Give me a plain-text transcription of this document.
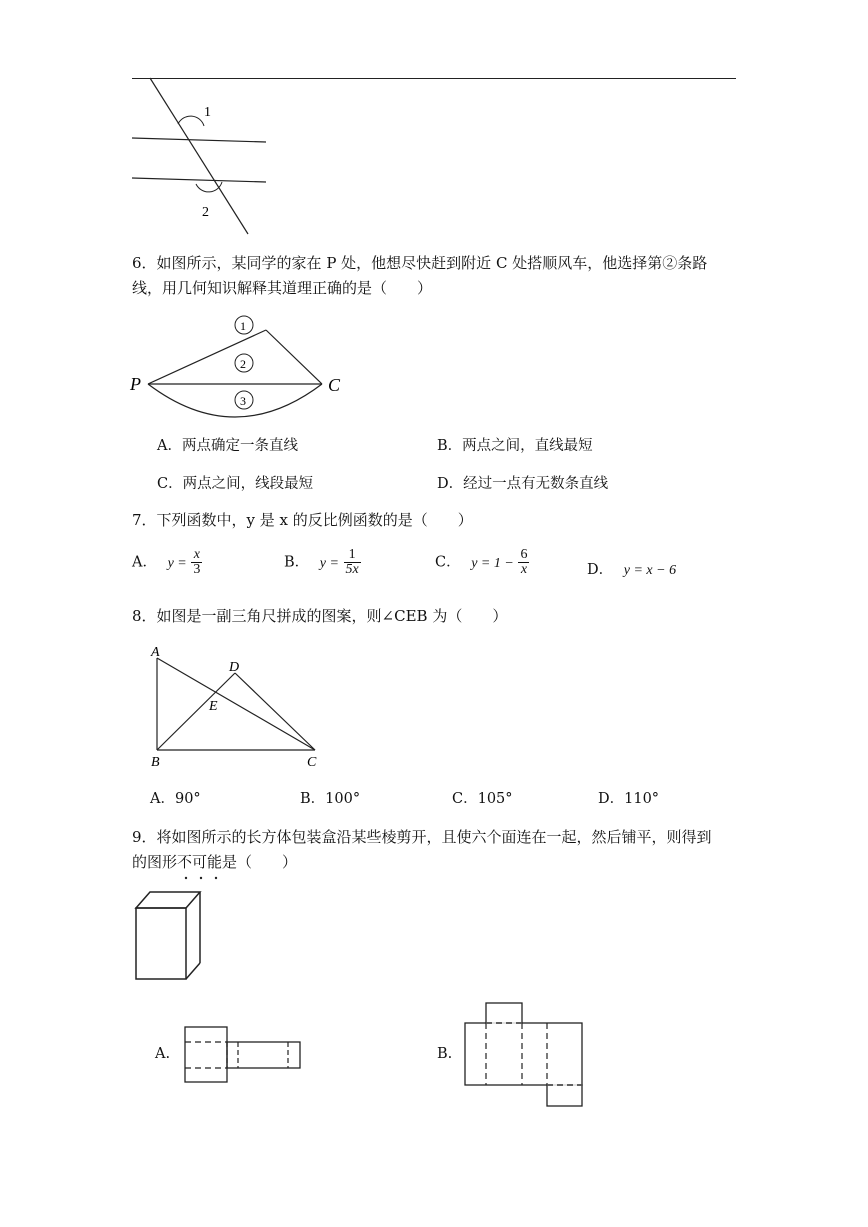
1
2
6．如图所示，某同学的家在 P 处，他想尽快赶到附近 C 处搭顺风车，他选择第②条路
线，用几何知识解释其道理正确的是（　　）
1
2
3
P	C
A．两点确定一条直线	B．两点之间，直线最短
C．两点之间，线段最短	D．经过一点有无数条直线
7．下列函数中，y 是 x 的反比例函数的是（　　）
A． $y = \frac{x}{3}$	B． $y = \frac{1}{5x}$	C． $y = 1 - \frac{6}{x}$	D． y = x − 6
8．如图是一副三角尺拼成的图案，则∠CEB 为（　　）
A
D
E
B	C
A．90°	B．100°	C．105°	D．110°
9．将如图所示的长方体包装盒沿某些棱剪开，且使六个面连在一起，然后铺平，则得到
的图形不可能是（　　）
A.	B.
